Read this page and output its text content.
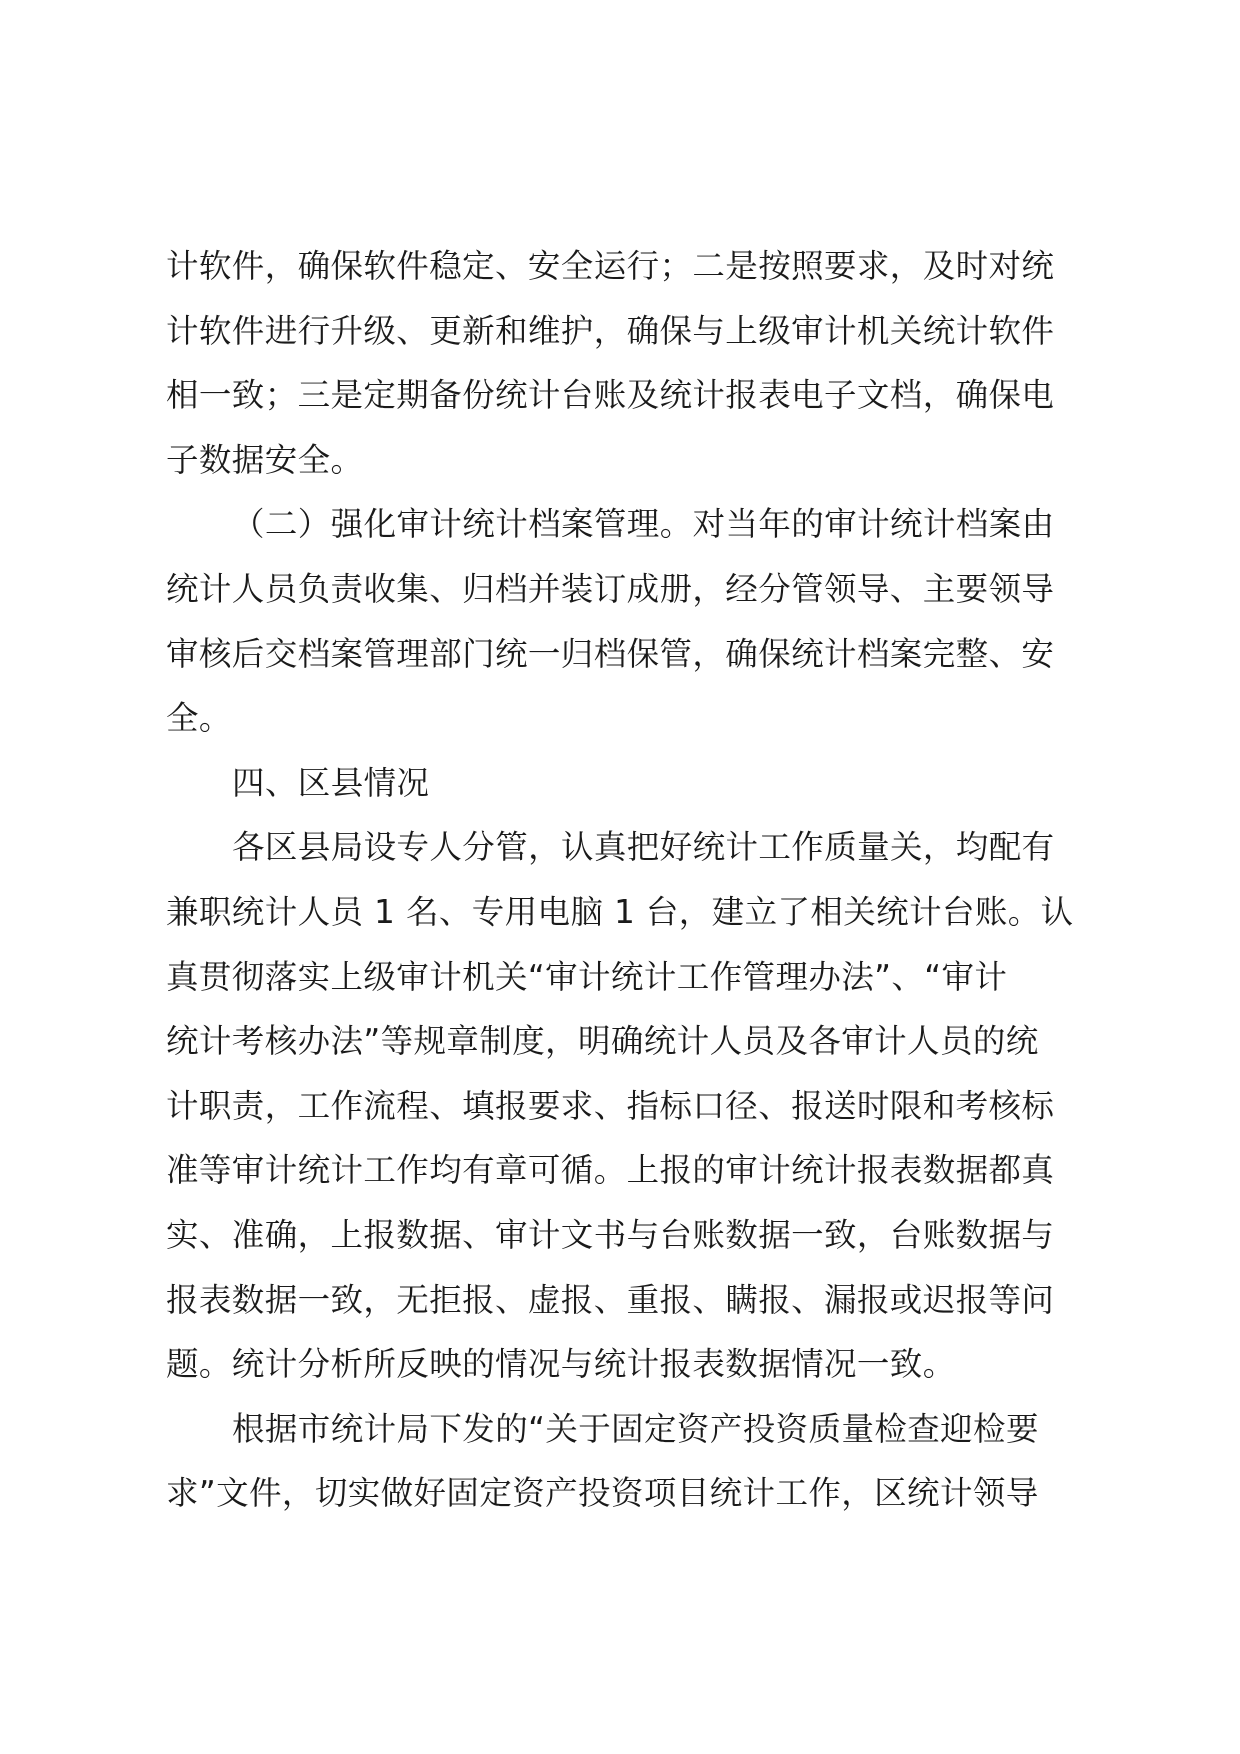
计软件，确保软件稳定、安全运行；二是按照要求，及时对统
计软件进行升级、更新和维护，确保与上级审计机关统计软件
相一致；三是定期备份统计台账及统计报表电子文档，确保电
子数据安全。
（二）强化审计统计档案管理。对当年的审计统计档案由
统计人员负责收集、归档并装订成册，经分管领导、主要领导
审核后交档案管理部门统一归档保管，确保统计档案完整、安
全。
四、区县情况
各区县局设专人分管，认真把好统计工作质量关，均配有
兼职统计人员 1 名、专用电脑 1 台，建立了相关统计台账。认
真贯彻落实上级审计机关“审计统计工作管理办法”、“审计
统计考核办法”等规章制度，明确统计人员及各审计人员的统
计职责，工作流程、填报要求、指标口径、报送时限和考核标
准等审计统计工作均有章可循。上报的审计统计报表数据都真
实、准确，上报数据、审计文书与台账数据一致，台账数据与
报表数据一致，无拒报、虚报、重报、瞒报、漏报或迟报等问
题。统计分析所反映的情况与统计报表数据情况一致。
根据市统计局下发的“关于固定资产投资质量检查迎检要
求”文件，切实做好固定资产投资项目统计工作，区统计领导
